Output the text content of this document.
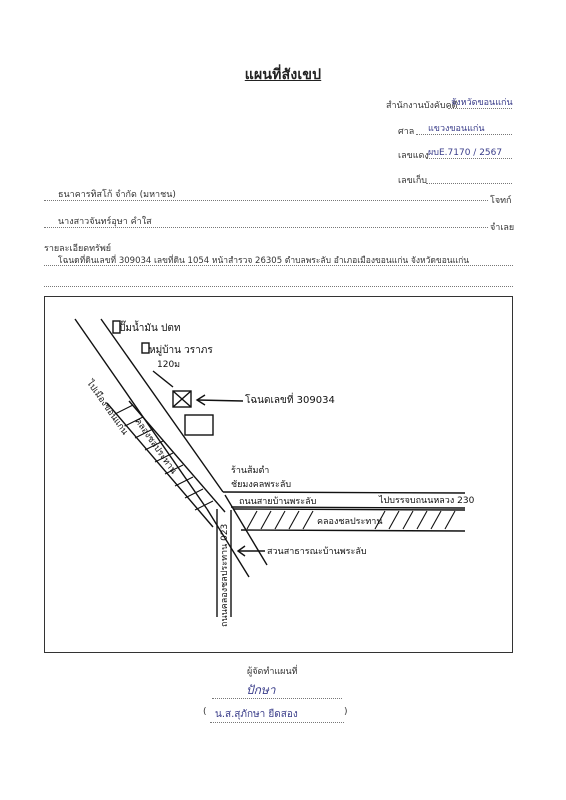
แผนที่สังเขป
สำนักงานบังคับคดี
จังหวัดขอนแก่น
ศาล แขวงขอนแก่น
เลขแดง ผบE.7170 / 2567
เลขเก็บ
ธนาคารทิสโก้ จำกัด (มหาชน)
โจทก์
นางสาวจันทร์อุษา คำใส
จำเลย
รายละเอียดทรัพย์
โฉนดที่ดินเลขที่ 309034 เลขที่ดิน 1054 หน้าสำรวจ 26305 ตำบลพระลับ อำเภอเมืองขอนแก่น จังหวัดขอนแก่น
ปั๊มน้ำมัน ปตท
หมู่บ้าน วราภร
120ม
โฉนดเลขที่ 309034
ไปเมืองขอนแก่น
คลองชลประทาน	ร้านส้มตำ
ชัยมงคลพระลับ
ถนนสายบ้านพระลับ	ไปบรรจบถนนหลวง 230
คลองชลประทาน
ถนนคลองชลประทาน 023	สวนสาธารณะบ้านพระลับ
ผู้จัดทำแผนที่
ปักษา
( น.ส.สุภักษา ยืดสอง	)
